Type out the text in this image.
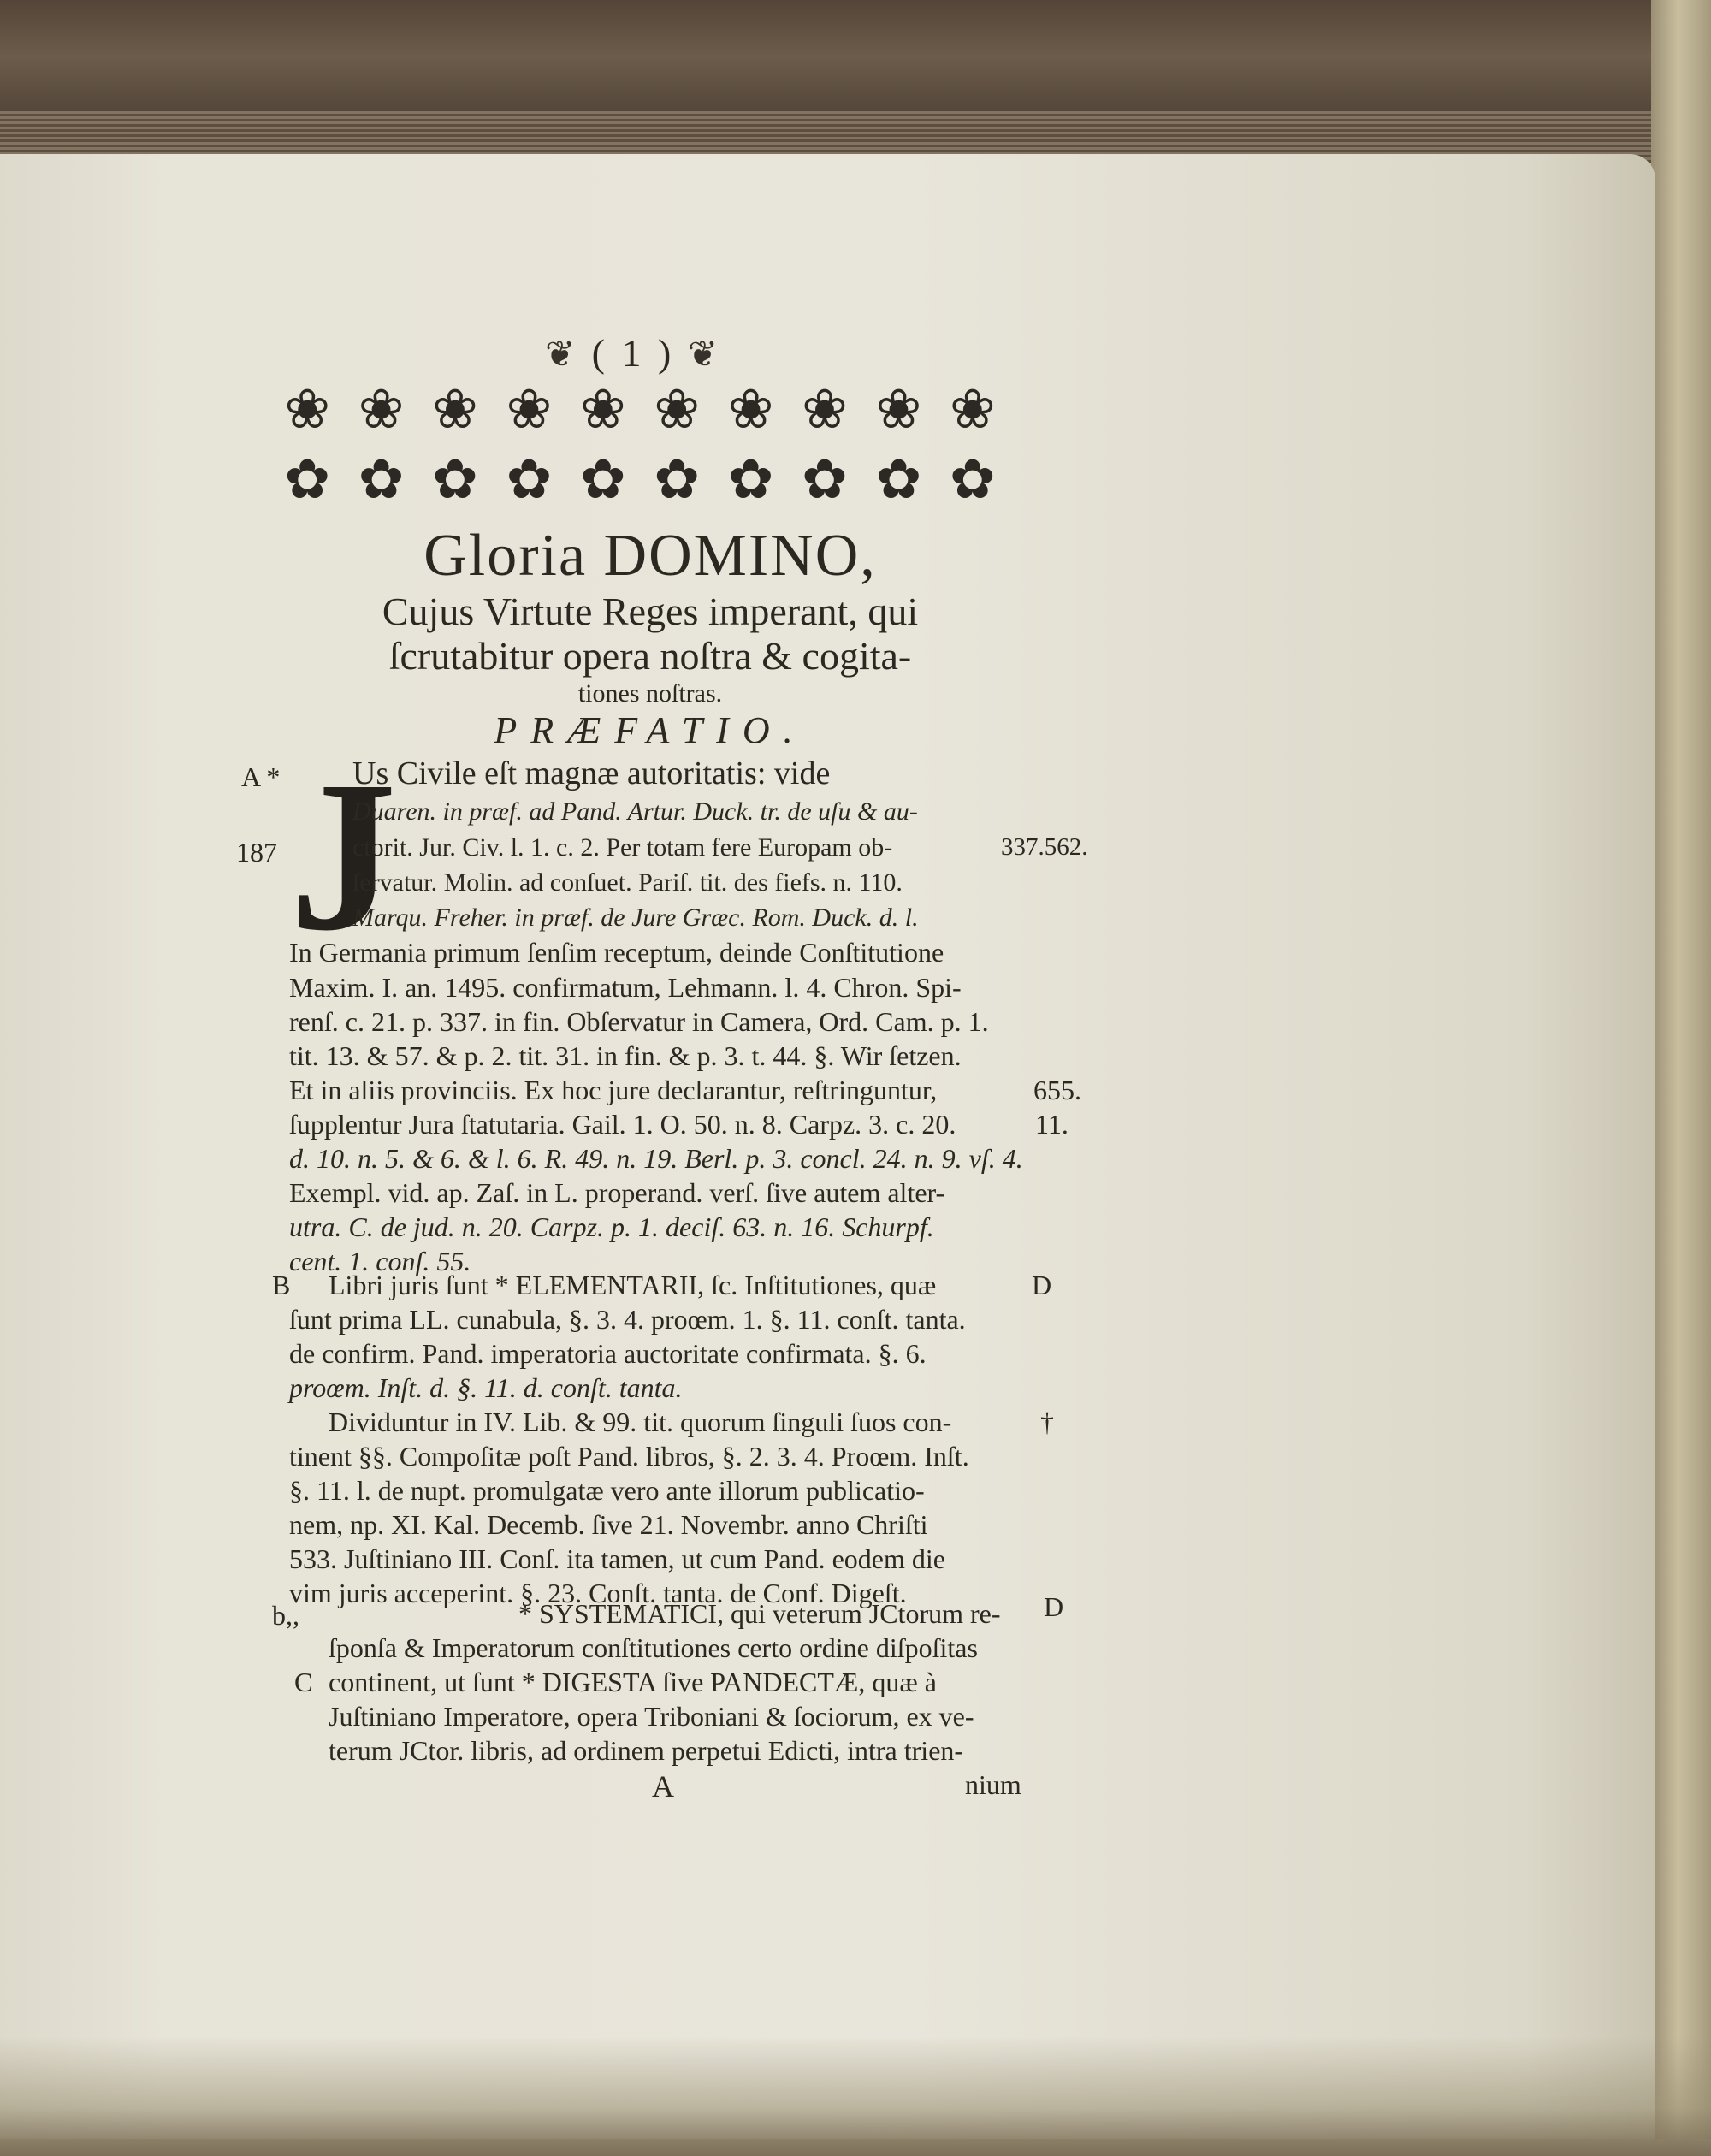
❦ ( 1 ) ❦
❀ ❀ ❀ ❀ ❀ ❀ ❀ ❀ ❀ ❀
✿ ✿ ✿ ✿ ✿ ✿ ✿ ✿ ✿ ✿
Gloria DOMINO,
Cujus Virtute Reges imperant, qui
ſcrutabitur opera noſtra & cogita-
tiones noſtras.
PRÆFATIO.
J
Us Civile eſt magnæ autoritatis: vide
Duaren. in præf. ad Pand. Artur. Duck. tr. de uſu & au-
ctorit. Jur. Civ. l. 1. c. 2. Per totam fere Europam ob-
ſervatur. Molin. ad conſuet. Pariſ. tit. des fiefs. n. 110.
Marqu. Freher. in præf. de Jure Græc. Rom. Duck. d. l.
In Germania primum ſenſim receptum, deinde Conſtitutione
Maxim. I. an. 1495. confirmatum, Lehmann. l. 4. Chron. Spi-
renſ. c. 21. p. 337. in fin. Obſervatur in Camera, Ord. Cam. p. 1.
tit. 13. & 57. & p. 2. tit. 31. in fin. & p. 3. t. 44. §. Wir ſetzen.
Et in aliis provinciis. Ex hoc jure declarantur, reſtringuntur,
ſupplentur Jura ſtatutaria. Gail. 1. O. 50. n. 8. Carpz. 3. c. 20.
d. 10. n. 5. & 6. & l. 6. R. 49. n. 19. Berl. p. 3. concl. 24. n. 9. vſ. 4.
Exempl. vid. ap. Zaſ. in L. properand. verſ. ſive autem alter-
utra. C. de jud. n. 20. Carpz. p. 1. deciſ. 63. n. 16. Schurpf.
cent. 1. conſ. 55.
Libri juris ſunt * ELEMENTARII, ſc. Inſtitutiones, quæ
ſunt prima LL. cunabula, §. 3. 4. proœm. 1. §. 11. conſt. tanta.
de confirm. Pand. imperatoria auctoritate confirmata. §. 6.
proœm. Inſt. d. §. 11. d. conſt. tanta.
Dividuntur in IV. Lib. & 99. tit. quorum ſinguli ſuos con-
tinent §§. Compoſitæ poſt Pand. libros, §. 2. 3. 4. Proœm. Inſt.
§. 11. l. de nupt. promulgatæ vero ante illorum publicatio-
nem, np. XI. Kal. Decemb. ſive 21. Novembr. anno Chriſti
533. Juſtiniano III. Conſ. ita tamen, ut cum Pand. eodem die
vim juris acceperint. §. 23. Conſt. tanta. de Conf. Digeſt.
* SYSTEMATICI, qui veterum JCtorum re-
ſponſa & Imperatorum conſtitutiones certo ordine diſpoſitas
continent, ut ſunt * DIGESTA ſive PANDECTÆ, quæ à
Juſtiniano Imperatore, opera Triboniani & ſociorum, ex ve-
terum JCtor. libris, ad ordinem perpetui Edicti, intra trien-
A *
187
B
b,,
C
337.562.
655.
11.
D
†
D
A	nium
